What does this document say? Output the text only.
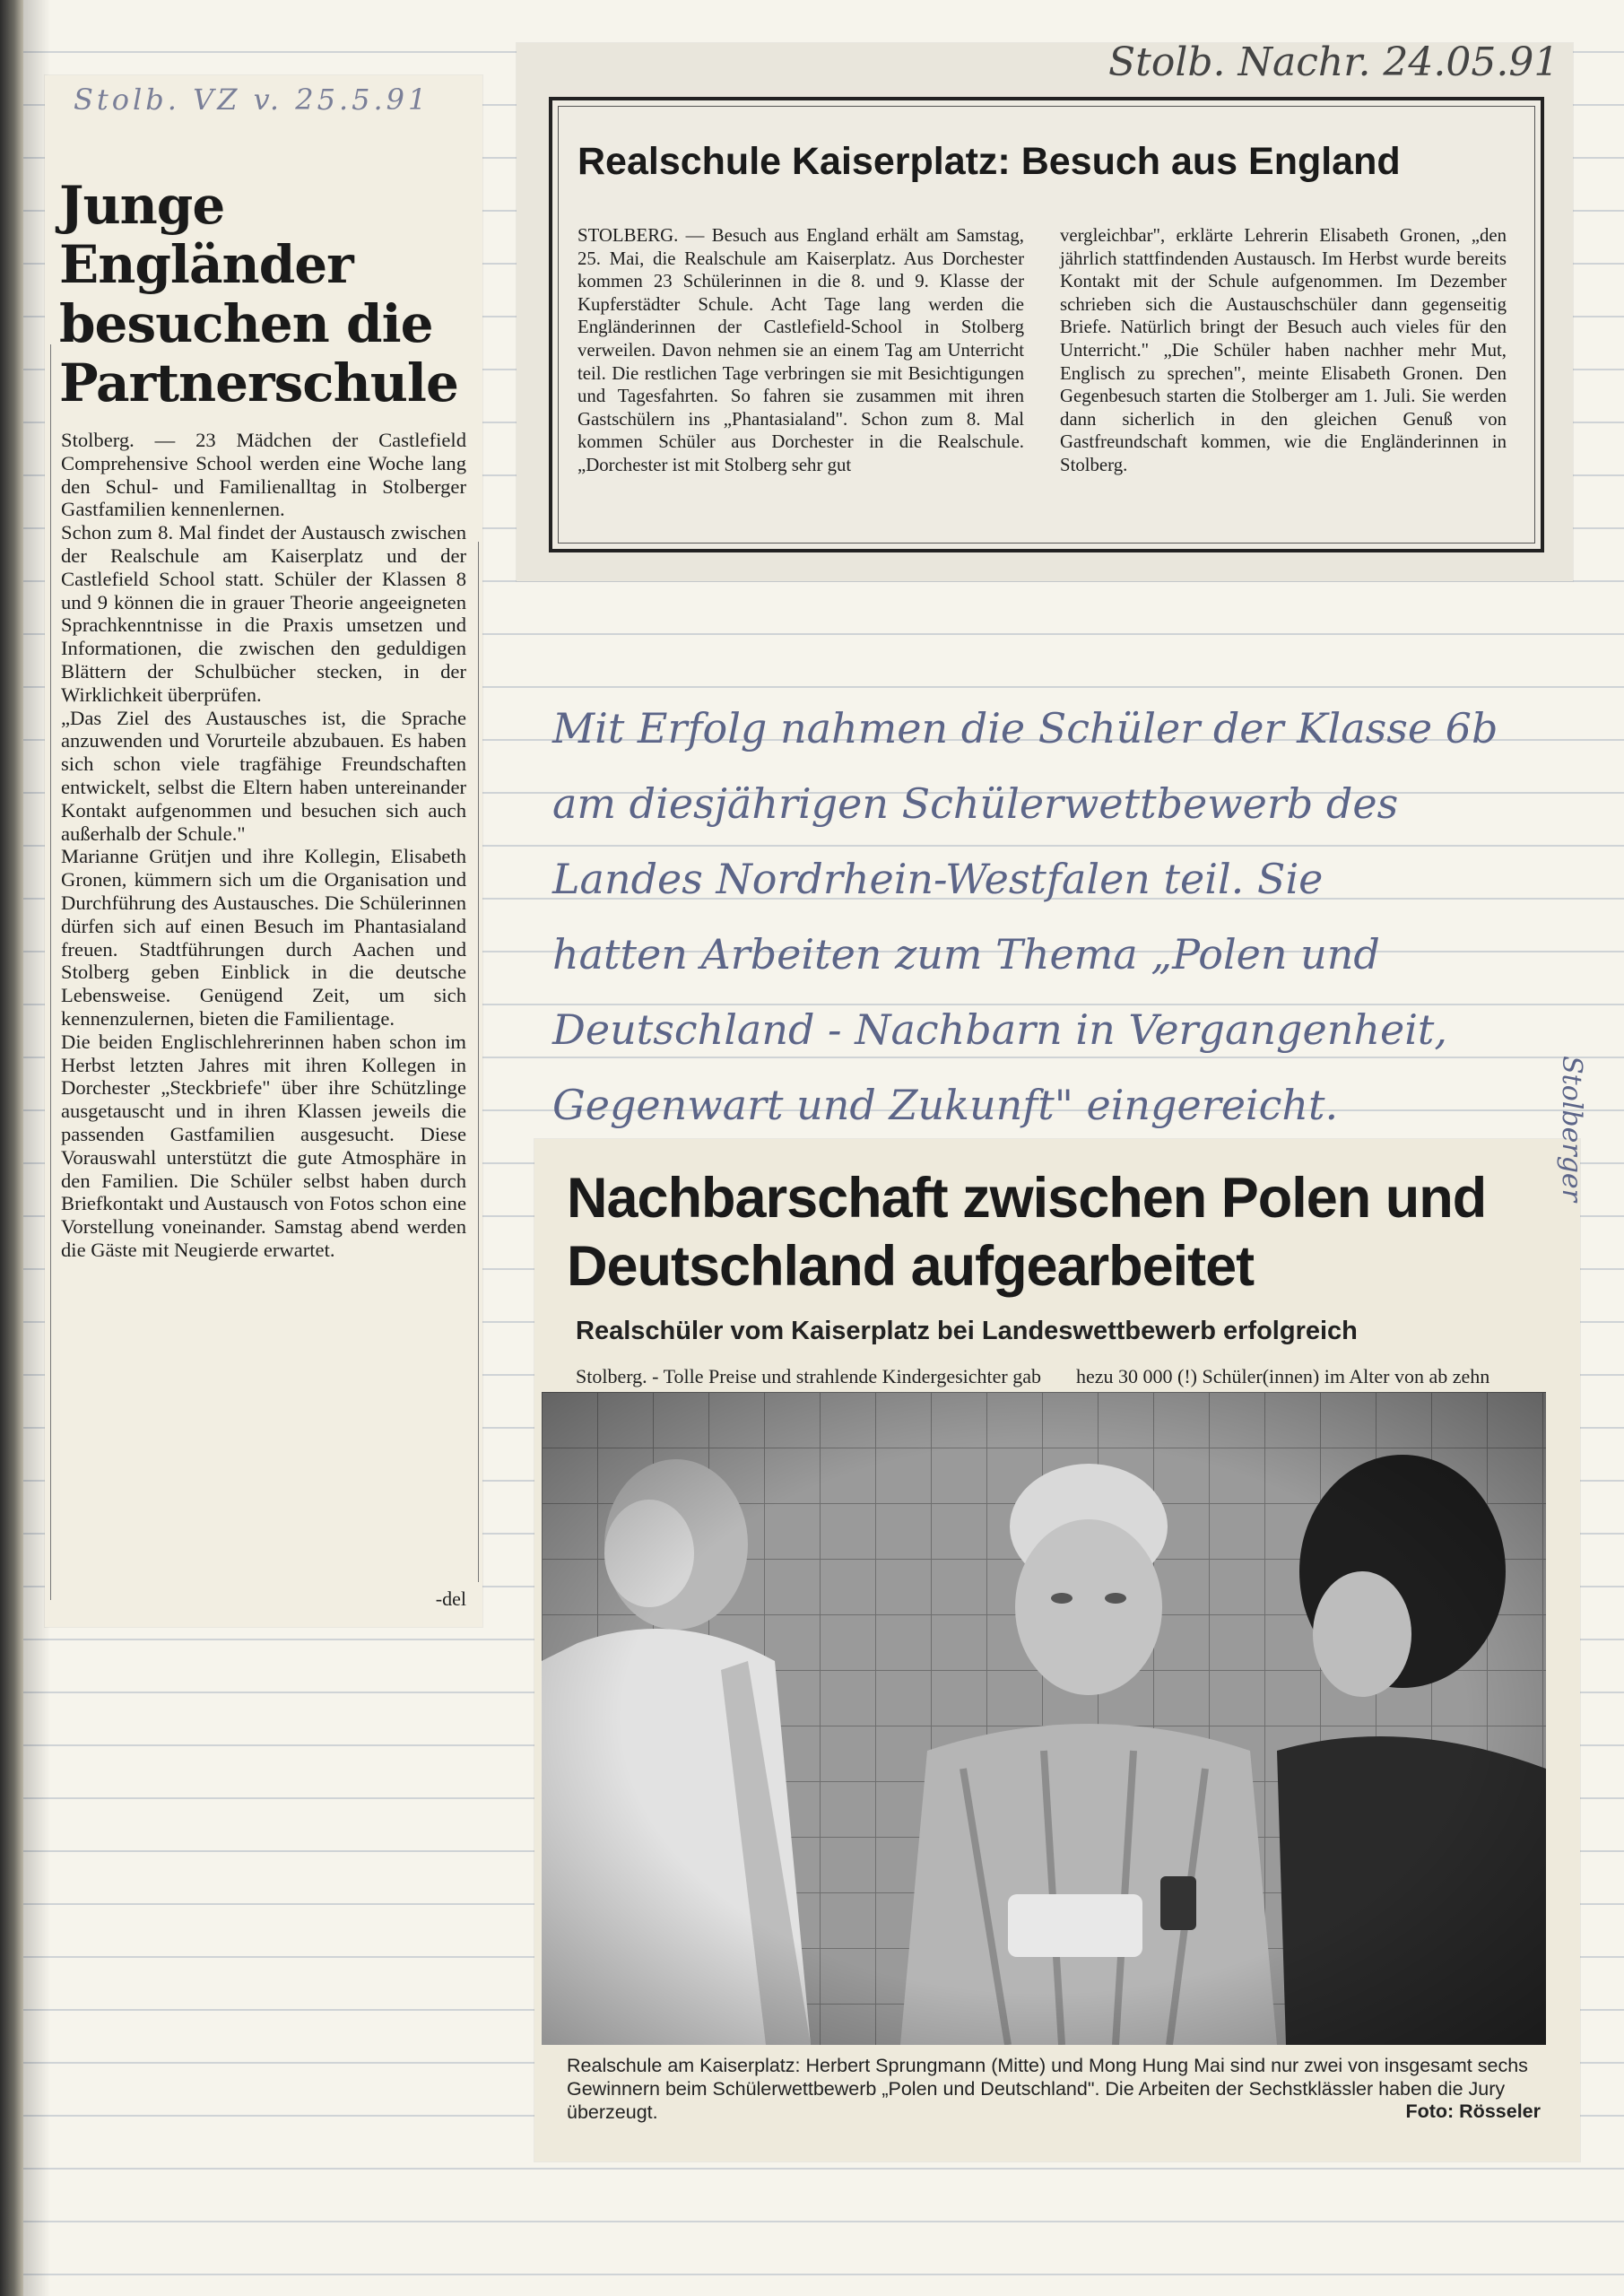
Stolb. VZ v. 25.5.91
Junge Engländer besuchen die Partnerschule

Stolberg. — 23 Mädchen der Castlefield Comprehensive School werden eine Woche lang den Schul- und Familienalltag in Stolberger Gastfamilien kennenlernen.

Schon zum 8. Mal findet der Austausch zwischen der Realschule am Kaiserplatz und der Castlefield School statt. Schüler der Klassen 8 und 9 können die in grauer Theorie angeeigneten Sprachkenntnisse in die Praxis umsetzen und Informationen, die zwischen den geduldigen Blättern der Schulbücher stecken, in der Wirklichkeit überprüfen.

„Das Ziel des Austausches ist, die Sprache anzuwenden und Vorurteile abzubauen. Es haben sich schon viele tragfähige Freundschaften entwickelt, selbst die Eltern haben untereinander Kontakt aufgenommen und besuchen sich auch außerhalb der Schule."

Marianne Grütjen und ihre Kollegin, Elisabeth Gronen, kümmern sich um die Organisation und Durchführung des Austausches. Die Schülerinnen dürfen sich auf einen Besuch im Phantasialand freuen. Stadtführungen durch Aachen und Stolberg geben Einblick in die deutsche Lebensweise. Genügend Zeit, um sich kennenzulernen, bieten die Familientage.

Die beiden Englischlehrerinnen haben schon im Herbst letzten Jahres mit ihren Kollegen in Dorchester „Steckbriefe" über ihre Schützlinge ausgetauscht und in ihren Klassen jeweils die passenden Gastfamilien ausgesucht. Diese Vorauswahl unterstützt die gute Atmosphäre in den Familien. Die Schüler selbst haben durch Briefkontakt und Austausch von Fotos schon eine Vorstellung voneinander. Samstag abend werden die Gäste mit Neugierde erwartet.

-del
Stolb. Nachr. 24.05.91
Realschule Kaiserplatz: Besuch aus England
STOLBERG. — Besuch aus England erhält am Samstag, 25. Mai, die Realschule am Kaiserplatz. Aus Dorchester kommen 23 Schülerinnen in die 8. und 9. Klasse der Kupferstädter Schule. Acht Tage lang werden die Engländerinnen der Castlefield-School in Stolberg verweilen. Davon nehmen sie an einem Tag am Unterricht teil. Die restlichen Tage verbringen sie mit Besichtigungen und Tagesfahrten. So fahren sie zusammen mit ihren Gastschülern ins „Phantasialand". Schon zum 8. Mal kommen Schüler aus Dorchester in die Realschule. „Dorchester ist mit Stolberg sehr gut
vergleichbar", erklärte Lehrerin Elisabeth Gronen, „den jährlich stattfindenden Austausch. Im Herbst wurde bereits Kontakt mit der Schule aufgenommen. Im Dezember schrieben sich die Austauschschüler dann gegenseitig Briefe. Natürlich bringt der Besuch auch vieles für den Unterricht." „Die Schüler haben nachher mehr Mut, Englisch zu sprechen", meinte Elisabeth Gronen. Den Gegenbesuch starten die Stolberger am 1. Juli. Sie werden dann sicherlich in den gleichen Genuß von Gastfreundschaft kommen, wie die Engländerinnen in Stolberg.
Mit Erfolg nahmen die Schüler der Klasse 6b
am diesjährigen Schülerwettbewerb des
Landes Nordrhein-Westfalen teil. Sie
hatten Arbeiten zum Thema „Polen und
Deutschland - Nachbarn in Vergangenheit,
Gegenwart und Zukunft" eingereicht.
Nachbarschaft zwischen Polen und Deutschland aufgearbeitet
Realschüler vom Kaiserplatz bei Landeswettbewerb erfolgreich
Stolberg. - Tolle Preise und strahlende Kindergesichter gab hezu 30 000 (!) Schüler(innen) im Alter von ab zehn
Stolberger
Realschule am Kaiserplatz: Herbert Sprungmann (Mitte) und Mong Hung Mai sind nur zwei von insgesamt sechs Gewinnern beim Schülerwettbewerb „Polen und Deutschland". Die Arbeiten der Sechstklässler haben die Jury überzeugt.	Foto: Rösseler
